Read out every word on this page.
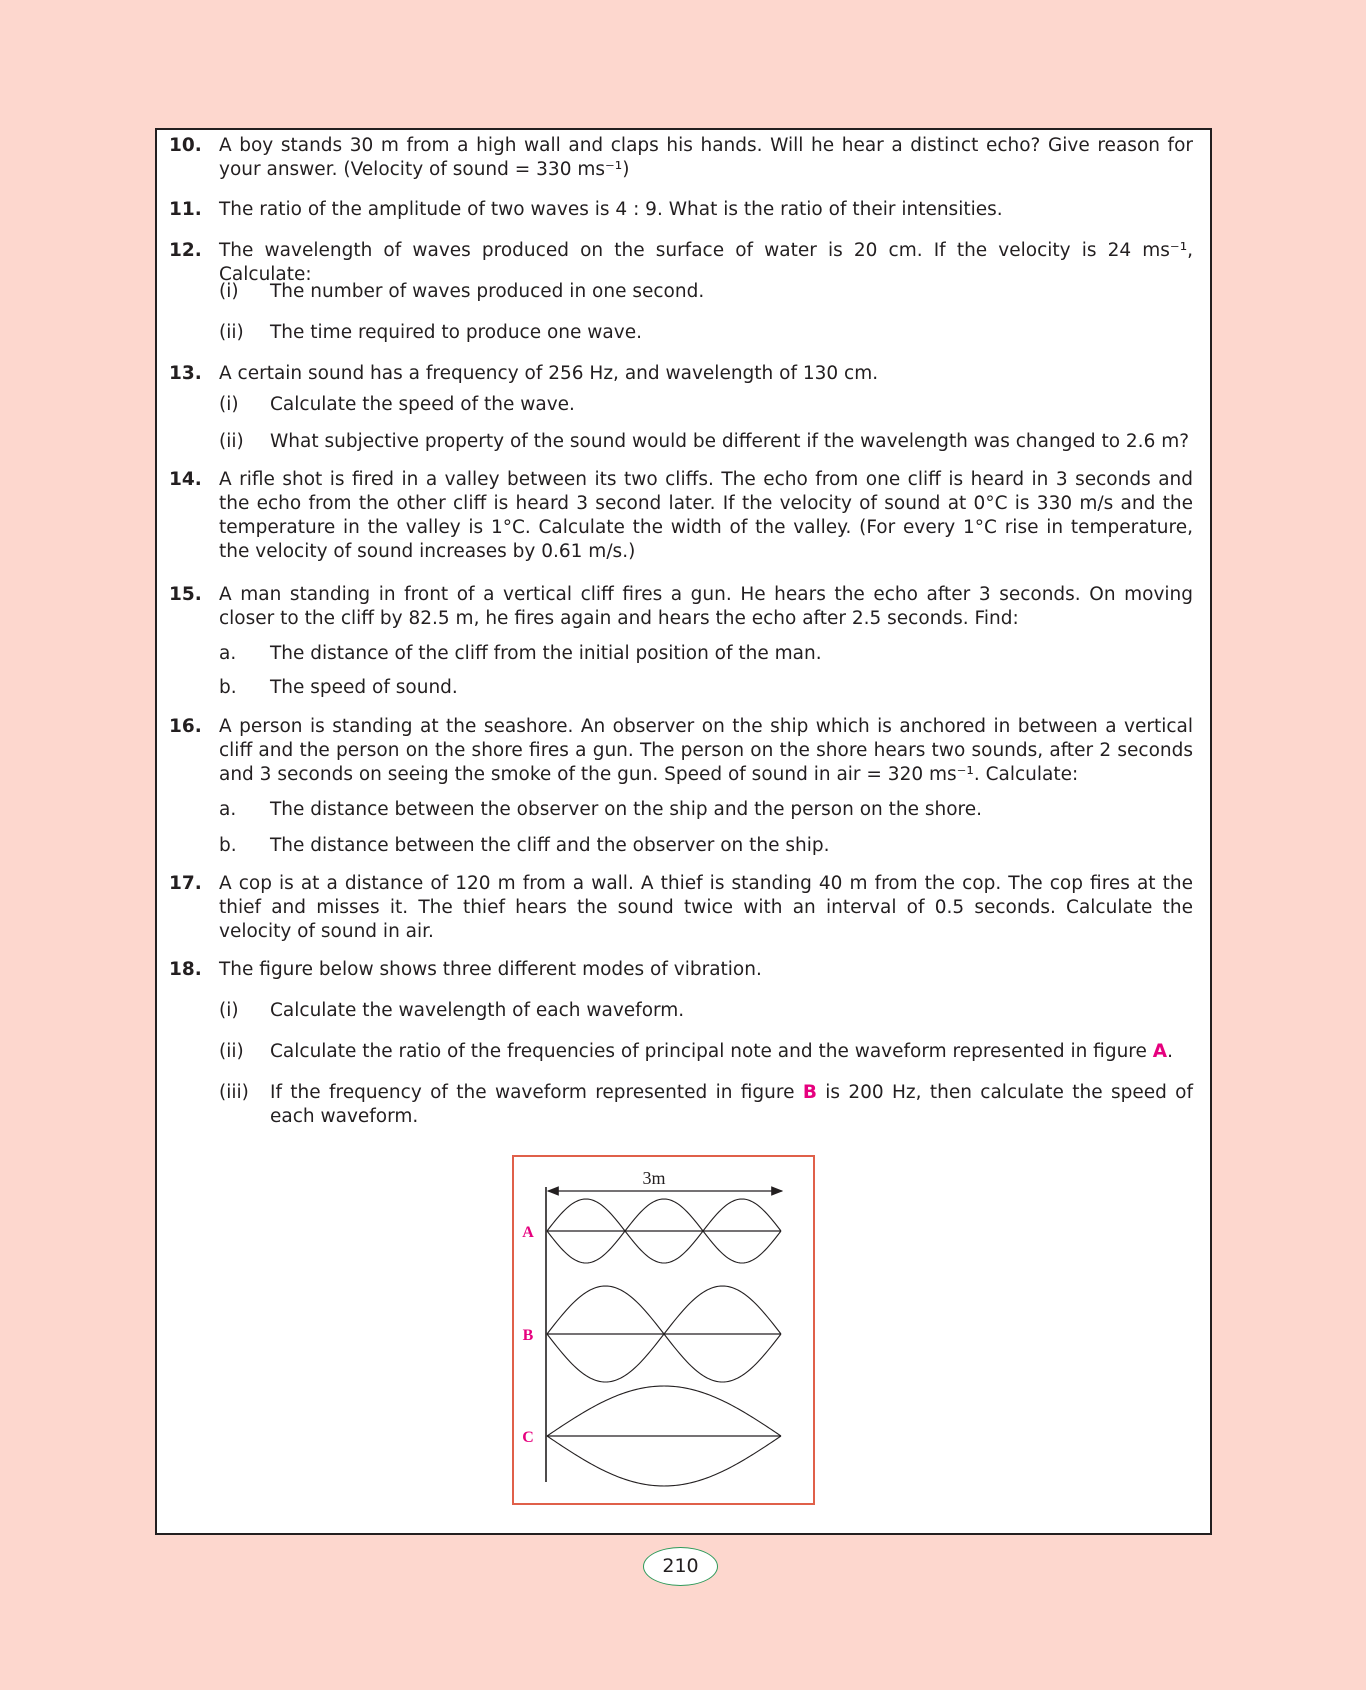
10. A boy stands 30 m from a high wall and claps his hands. Will he hear a distinct echo? Give reason for your answer. (Velocity of sound = 330 ms⁻¹)
11. The ratio of the amplitude of two waves is 4 : 9. What is the ratio of their intensities.
12. The wavelength of waves produced on the surface of water is 20 cm. If the velocity is 24 ms⁻¹, Calculate:
(i) The number of waves produced in one second.
(ii) The time required to produce one wave.
13. A certain sound has a frequency of 256 Hz, and wavelength of 130 cm.
(i) Calculate the speed of the wave.
(ii) What subjective property of the sound would be different if the wavelength was changed to 2.6 m?
14. A rifle shot is fired in a valley between its two cliffs. The echo from one cliff is heard in 3 seconds and the echo from the other cliff is heard 3 second later. If the velocity of sound at 0°C is 330 m/s and the temperature in the valley is 1°C. Calculate the width of the valley. (For every 1°C rise in temperature, the velocity of sound increases by 0.61 m/s.)
15. A man standing in front of a vertical cliff fires a gun. He hears the echo after 3 seconds. On moving closer to the cliff by 82.5 m, he fires again and hears the echo after 2.5 seconds. Find:
a. The distance of the cliff from the initial position of the man.
b. The speed of sound.
16. A person is standing at the seashore. An observer on the ship which is anchored in between a vertical cliff and the person on the shore fires a gun. The person on the shore hears two sounds, after 2 seconds and 3 seconds on seeing the smoke of the gun. Speed of sound in air = 320 ms⁻¹. Calculate:
a. The distance between the observer on the ship and the person on the shore.
b. The distance between the cliff and the observer on the ship.
17. A cop is at a distance of 120 m from a wall. A thief is standing 40 m from the cop. The cop fires at the thief and misses it. The thief hears the sound twice with an interval of 0.5 seconds. Calculate the velocity of sound in air.
18. The figure below shows three different modes of vibration.
(i) Calculate the wavelength of each waveform.
(ii) Calculate the ratio of the frequencies of principal note and the waveform represented in figure A.
(iii) If the frequency of the waveform represented in figure B is 200 Hz, then calculate the speed of each waveform.
3m
A
B
C
210
